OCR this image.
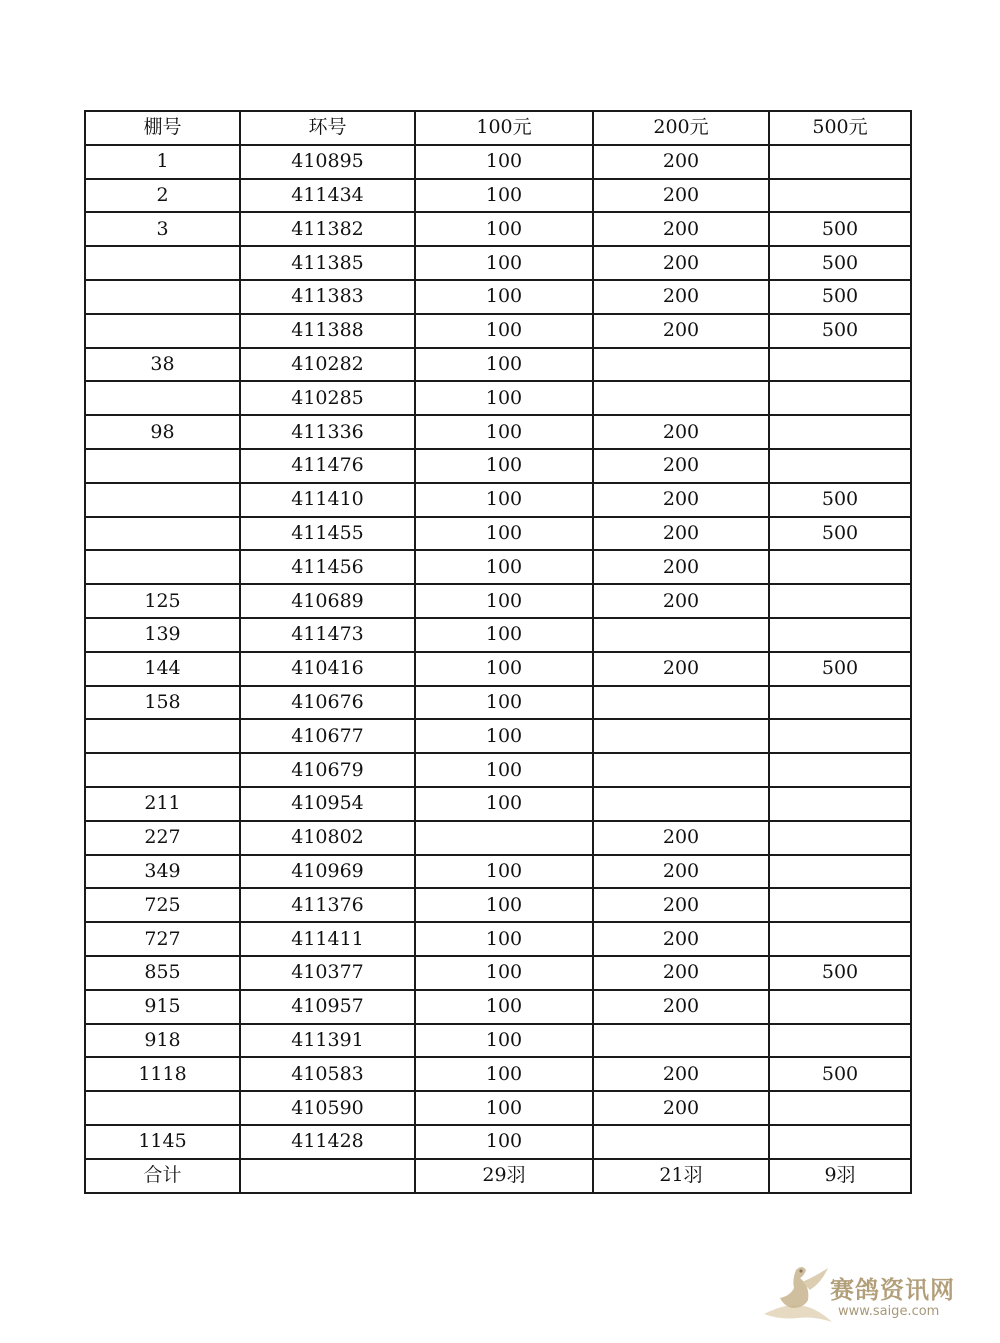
棚号	环号	100元	200元	500元
1	410895	100	200	
2	411434	100	200	
3	411382	100	200	500
	411385	100	200	500
	411383	100	200	500
	411388	100	200	500
38	410282	100		
	410285	100		
98	411336	100	200	
	411476	100	200	
	411410	100	200	500
	411455	100	200	500
	411456	100	200	
125	410689	100	200	
139	411473	100		
144	410416	100	200	500
158	410676	100		
	410677	100		
	410679	100		
211	410954	100		
227	410802		200	
349	410969	100	200	
725	411376	100	200	
727	411411	100	200	
855	410377	100	200	500
915	410957	100	200	
918	411391	100		
1118	410583	100	200	500
	410590	100	200	
1145	411428	100		
合计		29羽	21羽	9羽
赛鸽资讯网
www.saige.com
